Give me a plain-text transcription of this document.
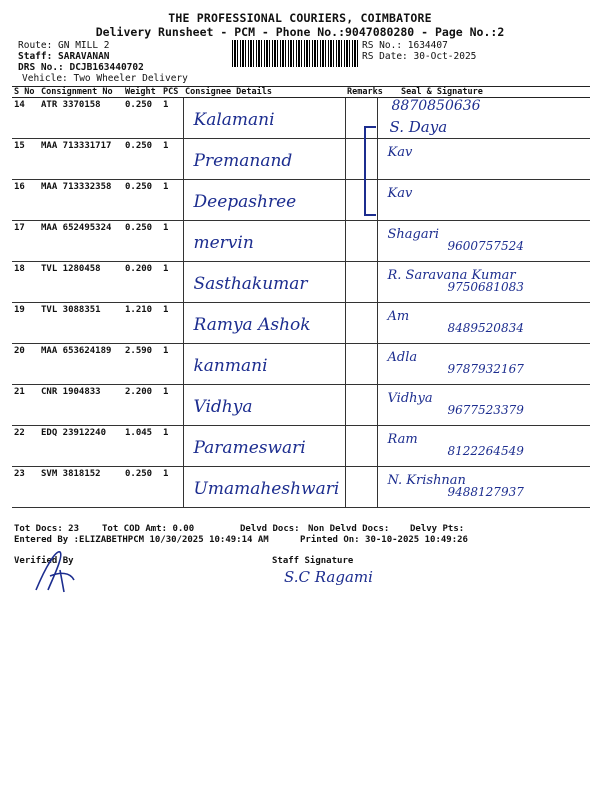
THE PROFESSIONAL COURIERS, COIMBATORE
Delivery Runsheet - PCM - Phone No.:9047080280 - Page No.:2
Route: GN MILL 2
Staff: SARAVANAN
DRS No.: DCJB163440702
Vehicle: Two Wheeler Delivery
RS No.: 1634407
RS Date: 30-Oct-2025
S No	Consignment No	Weight	PCS	Consignee Details	Remarks	Seal & Signature
14	ATR 3370158	0.250	1	Kalamani		S. Daya
8870850636

15	MAA 713331717	0.250	1	Premanand		Kav

16	MAA 713332358	0.250	1	Deepashree		Kav

17	MAA 652495324	0.250	1	mervin		Shagari
9600757524

18	TVL 1280458	0.200	1	Sasthakumar		R. Saravana Kumar
9750681083

19	TVL 3088351	1.210	1	Ramya Ashok		Am
8489520834

20	MAA 653624189	2.590	1	kanmani		Adla
9787932167

21	CNR 1904833	2.200	1	Vidhya		Vidhya
9677523379

22	EDQ 23912240	1.045	1	Parameswari		Ram
8122264549

23	SVM 3818152	0.250	1	Umamaheshwari		N. Krishnan
9488127937
Tot Docs: 23	Tot COD Amt: 0.00	Delvd Docs: Non Delvd Docs: Delvy Pts:
Entered By :ELIZABETHPCM 10/30/2025 10:49:14 AM	Printed On: 30-10-2025 10:49:26
Verified By	Staff Signature
S.C Ragami
